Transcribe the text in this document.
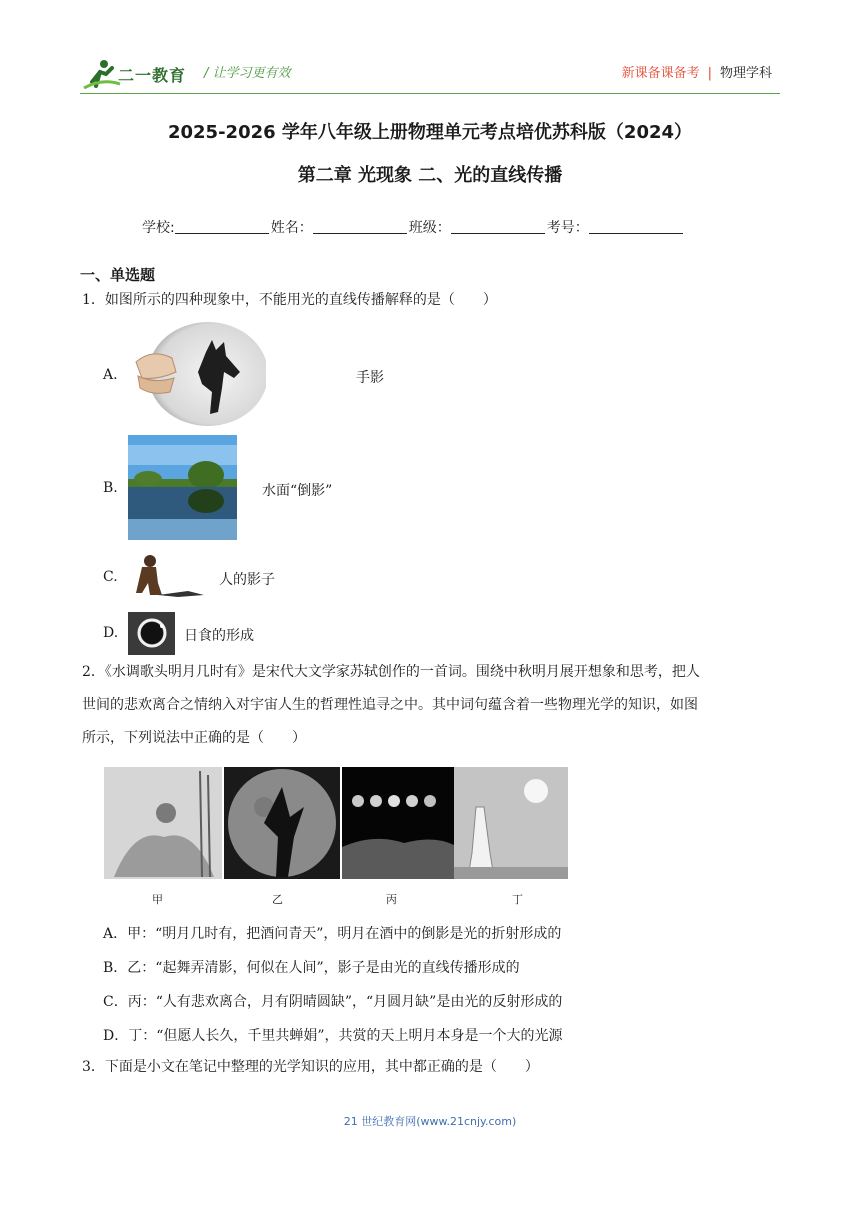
二一教育 / 让学习更有效	新课备课备考 | 物理学科
2025-2026 学年八年级上册物理单元考点培优苏科版（2024）
第二章 光现象 二、光的直线传播
学校:	姓名：	班级：	考号：
一、单选题
1．如图所示的四种现象中，不能用光的直线传播解释的是（　　）
A.	手影
B.	水面“倒影”
C.	人的影子
D.	日食的形成
2．《水调歌头明月几时有》是宋代大文学家苏轼创作的一首词。围绕中秋明月展开想象和思考，把人
世间的悲欢离合之情纳入对宇宙人生的哲理性追寻之中。其中词句蕴含着一些物理光学的知识，如图
所示，下列说法中正确的是（　　）
甲	乙	丙	丁
A．甲：“明月几时有，把酒问青天”，明月在酒中的倒影是光的折射形成的
B．乙：“起舞弄清影，何似在人间”，影子是由光的直线传播形成的
C．丙：“人有悲欢离合，月有阴晴圆缺”，“月圆月缺”是由光的反射形成的
D．丁：“但愿人长久，千里共蝉娟”，共赏的天上明月本身是一个大的光源
3．下面是小文在笔记中整理的光学知识的应用，其中都正确的是（　　）
21 世纪教育网(www.21cnjy.com)
